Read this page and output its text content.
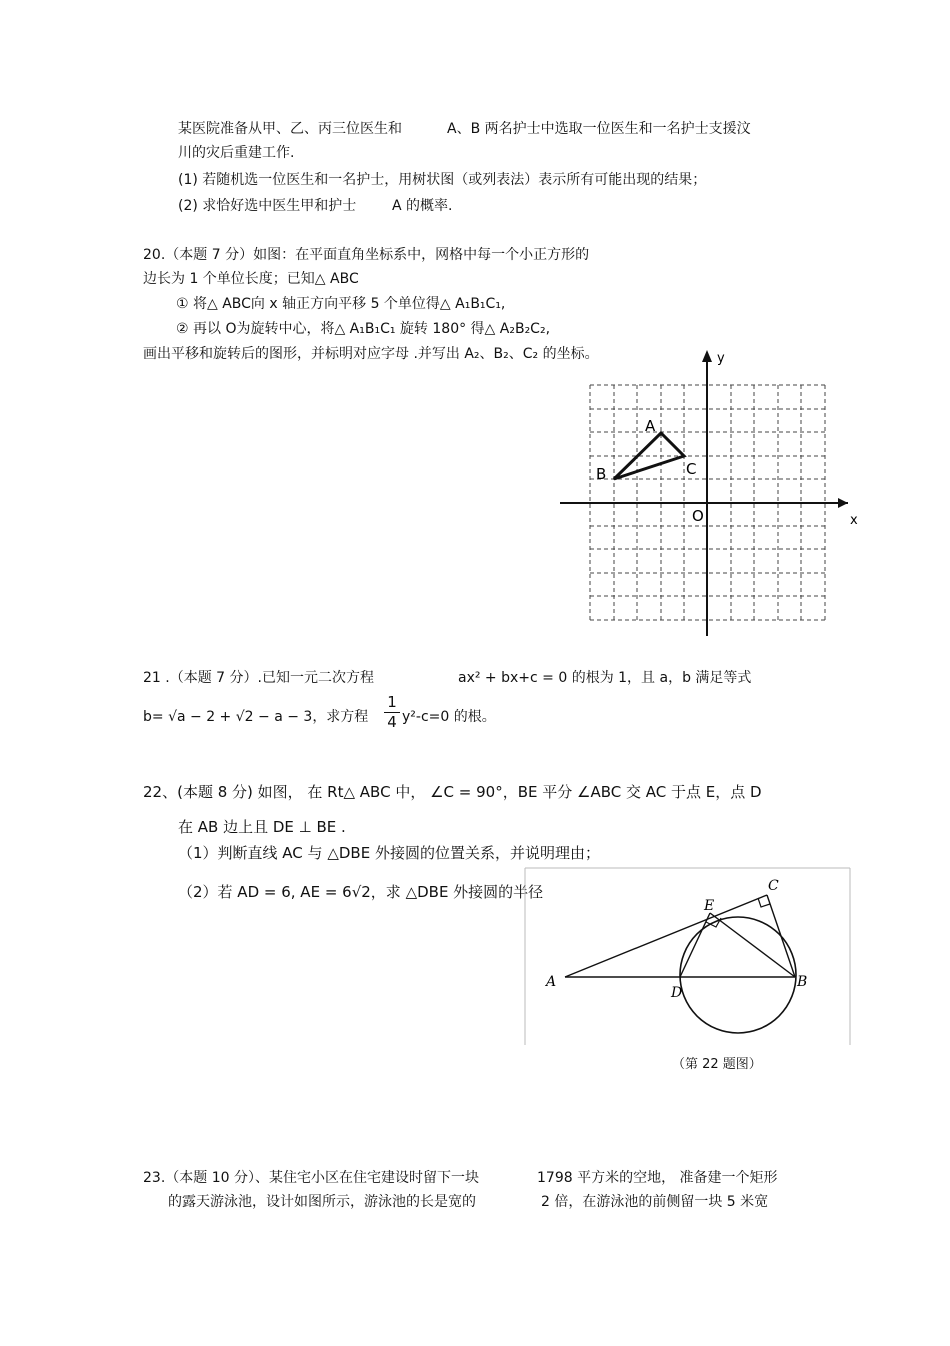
某医院准备从甲、乙、丙三位医生和	A、B 两名护士中选取一位医生和一名护士支援汶
川的灾后重建工作.
(1) 若随机选一位医生和一名护士，用树状图（或列表法）表示所有可能出现的结果；
(2) 求恰好选中医生甲和护士	A 的概率.
20.（本题 7 分）如图：在平面直角坐标系中，网格中每一个小正方形的
边长为 1 个单位长度；已知△ ABC
① 将△ ABC向 x 轴正方向平移 5 个单位得△ A₁B₁C₁,
② 再以 O为旋转中心，将△ A₁B₁C₁ 旋转 180° 得△ A₂B₂C₂,
画出平移和旋转后的图形，并标明对应字母 .并写出 A₂、B₂、C₂ 的坐标。	y
x
O
A
B	C
21 .（本题 7 分）.已知一元二次方程	ax² + bx+c = 0 的根为 1，且 a，b 满足等式
b= √a − 2 + √2 − a − 3，求方程
1
4 y²-c=0 的根。
22、(本题 8 分) 如图， 在 Rt△ ABC 中， ∠C = 90°，BE 平分 ∠ABC 交 AC 于点 E，点 D
在 AB 边上且 DE ⊥ BE .
（1）判断直线 AC 与 △DBE 外接圆的位置关系，并说明理由；
（2）若 AD = 6, AE = 6√2，求 △DBE 外接圆的半径
A	B
C
D
E
（第 22 题图）
23.（本题 10 分）、某住宅小区在住宅建设时留下一块	1798 平方米的空地， 准备建一个矩形
的露天游泳池，设计如图所示，游泳池的长是宽的	2 倍，在游泳池的前侧留一块 5 米宽
